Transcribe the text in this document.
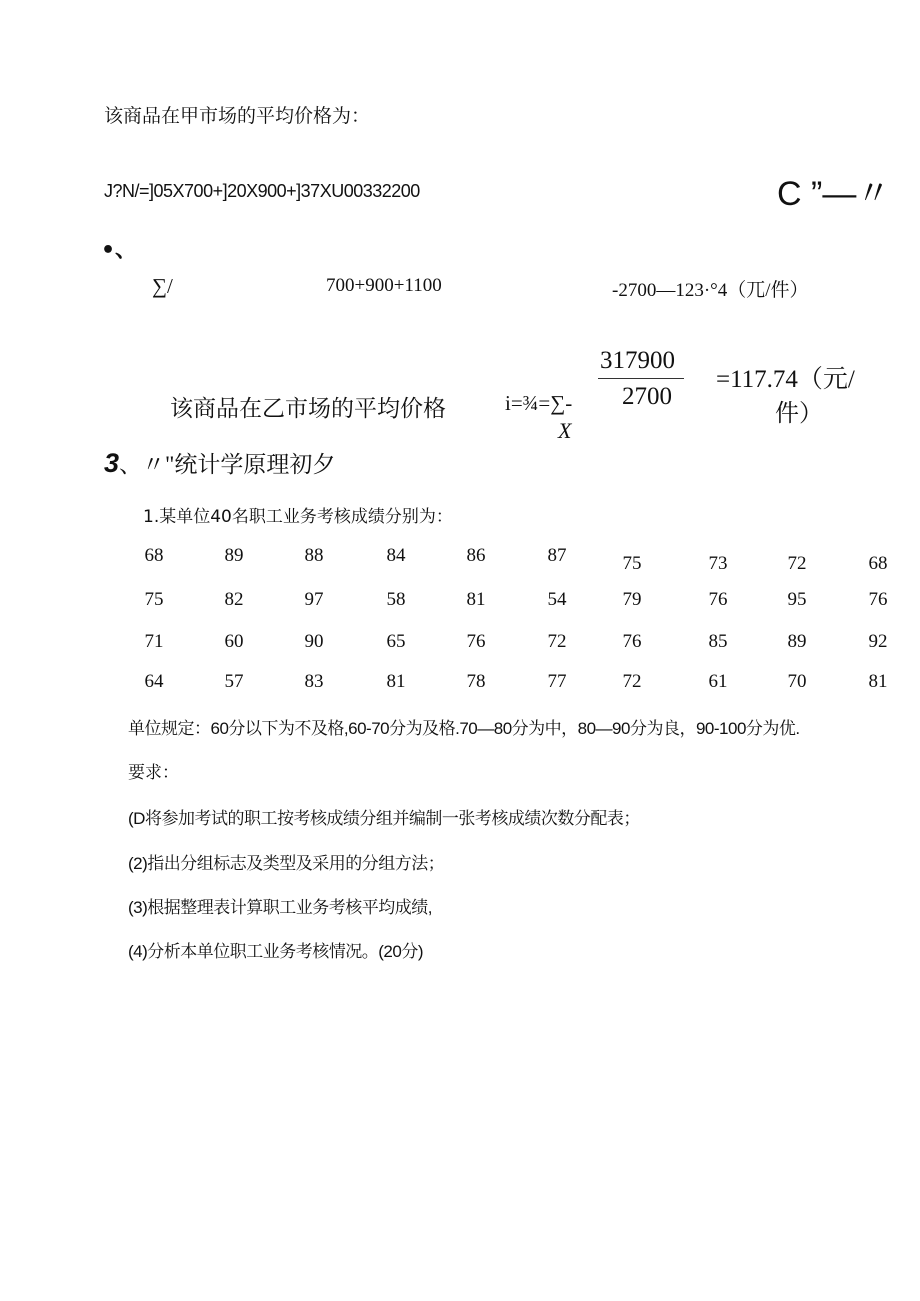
该商品在甲市场的平均价格为：
J?N/=]05X700+]20X900+]37XU00332200	C ”—〃
•、
∑/	700+900+1100	-2700—123·°4（兀/件）
该商品在乙市场的平均价格	i=¾=∑-
317900
2700
X
=117.74（元/
件）
3、〃"统计学原理初夕
1.某单位40名职工业务考核成绩分别为：
68	89	88	84	86	87	75	73	72	68
75	82	97	58	81	54	79	76	95	76
71	60	90	65	76	72	76	85	89	92
64	57	83	81	78	77	72	61	70	81
单位规定：60分以下为不及格,60-70分为及格.70—80分为中，80—90分为良，90-100分为优.
要求：
(D将参加考试的职工按考核成绩分组并编制一张考核成绩次数分配表；
(2)指出分组标志及类型及采用的分组方法；
(3)根据整理表计算职工业务考核平均成绩,
(4)分析本单位职工业务考核情况。(20分)
